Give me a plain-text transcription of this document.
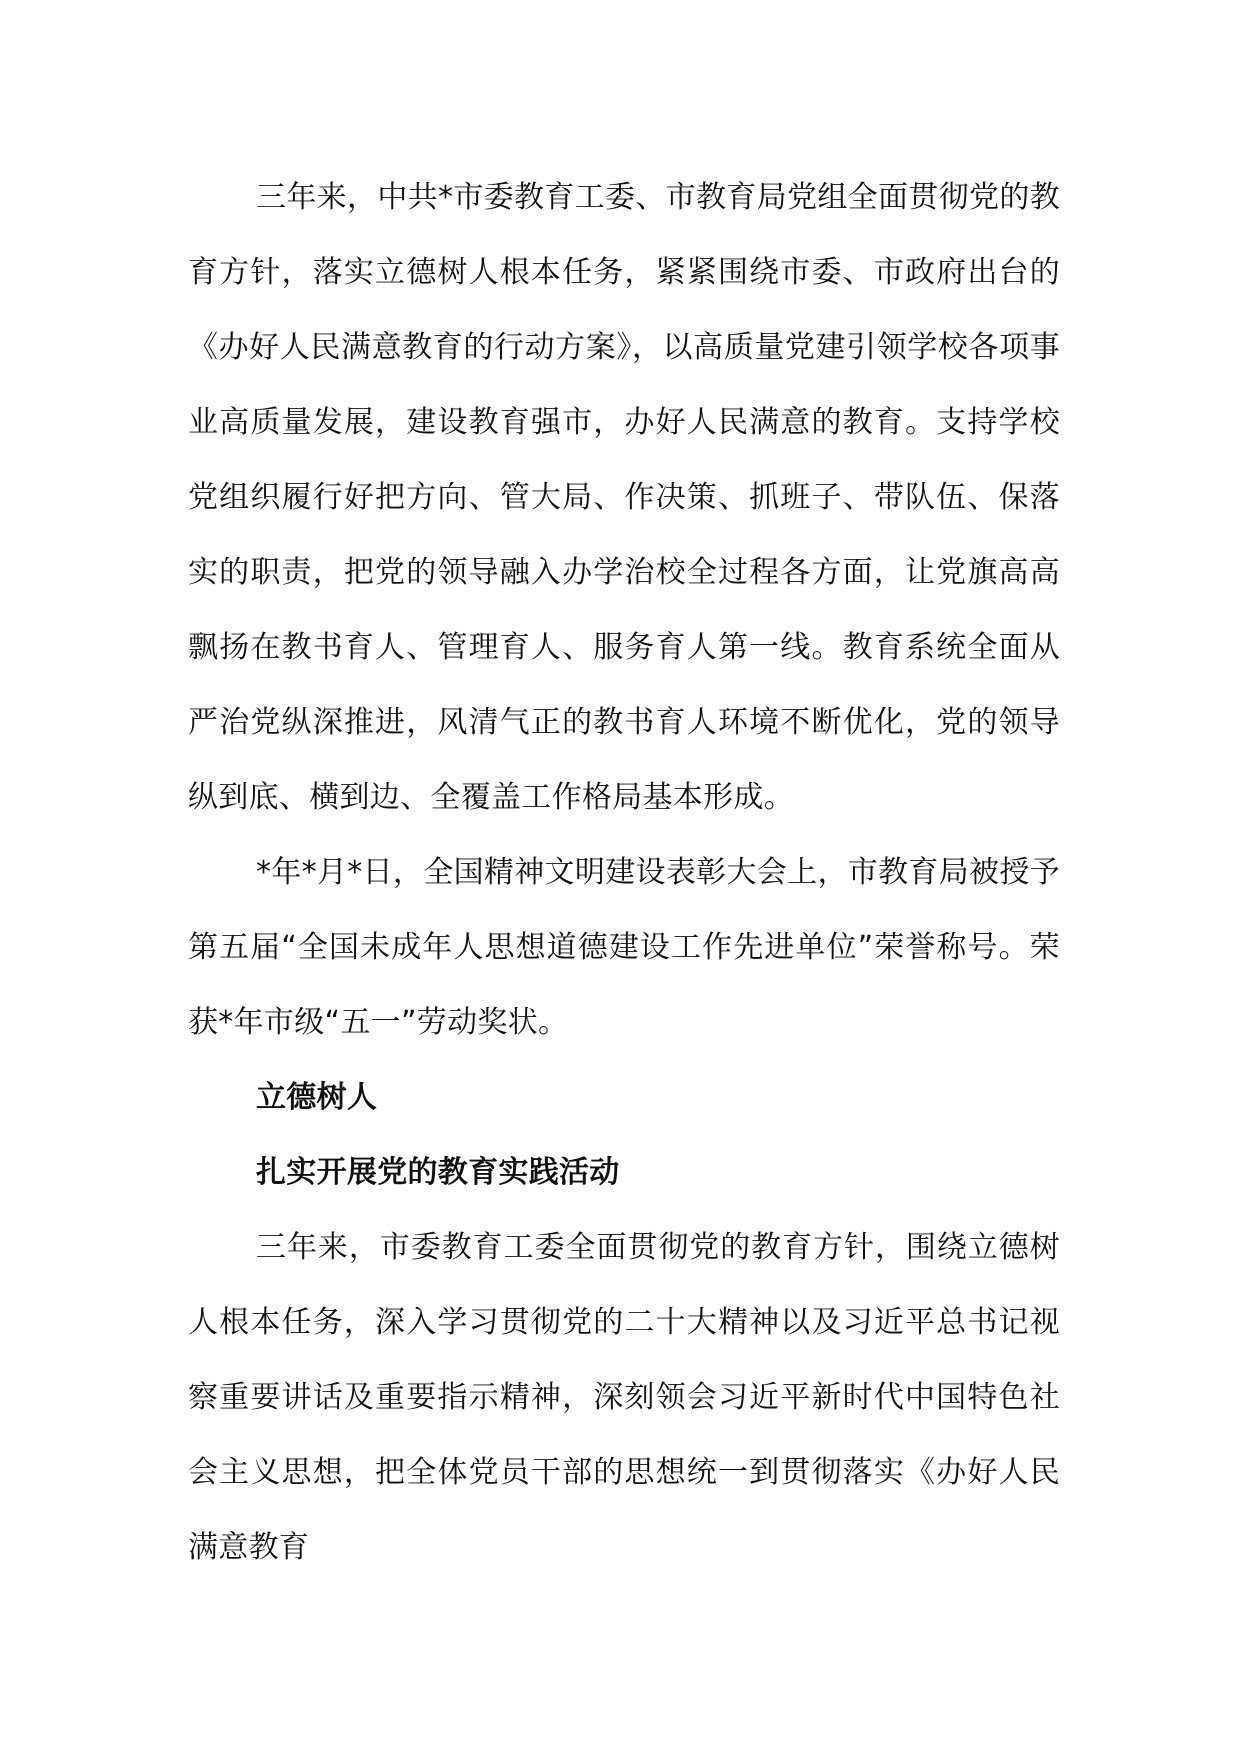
三年来，中共*市委教育工委、市教育局党组全面贯彻党的教育方针，落实立德树人根本任务，紧紧围绕市委、市政府出台的《办好人民满意教育的行动方案》，以高质量党建引领学校各项事业高质量发展，建设教育强市，办好人民满意的教育。支持学校党组织履行好把方向、管大局、作决策、抓班子、带队伍、保落实的职责，把党的领导融入办学治校全过程各方面，让党旗高高飘扬在教书育人、管理育人、服务育人第一线。教育系统全面从严治党纵深推进，风清气正的教书育人环境不断优化，党的领导纵到底、横到边、全覆盖工作格局基本形成。

*年*月*日，全国精神文明建设表彰大会上，市教育局被授予第五届“全国未成年人思想道德建设工作先进单位”荣誉称号。荣获*年市级“五一”劳动奖状。

立德树人

扎实开展党的教育实践活动

三年来，市委教育工委全面贯彻党的教育方针，围绕立德树人根本任务，深入学习贯彻党的二十大精神以及习近平总书记视察重要讲话及重要指示精神，深刻领会习近平新时代中国特色社会主义思想，把全体党员干部的思想统一到贯彻落实《办好人民满意教育
